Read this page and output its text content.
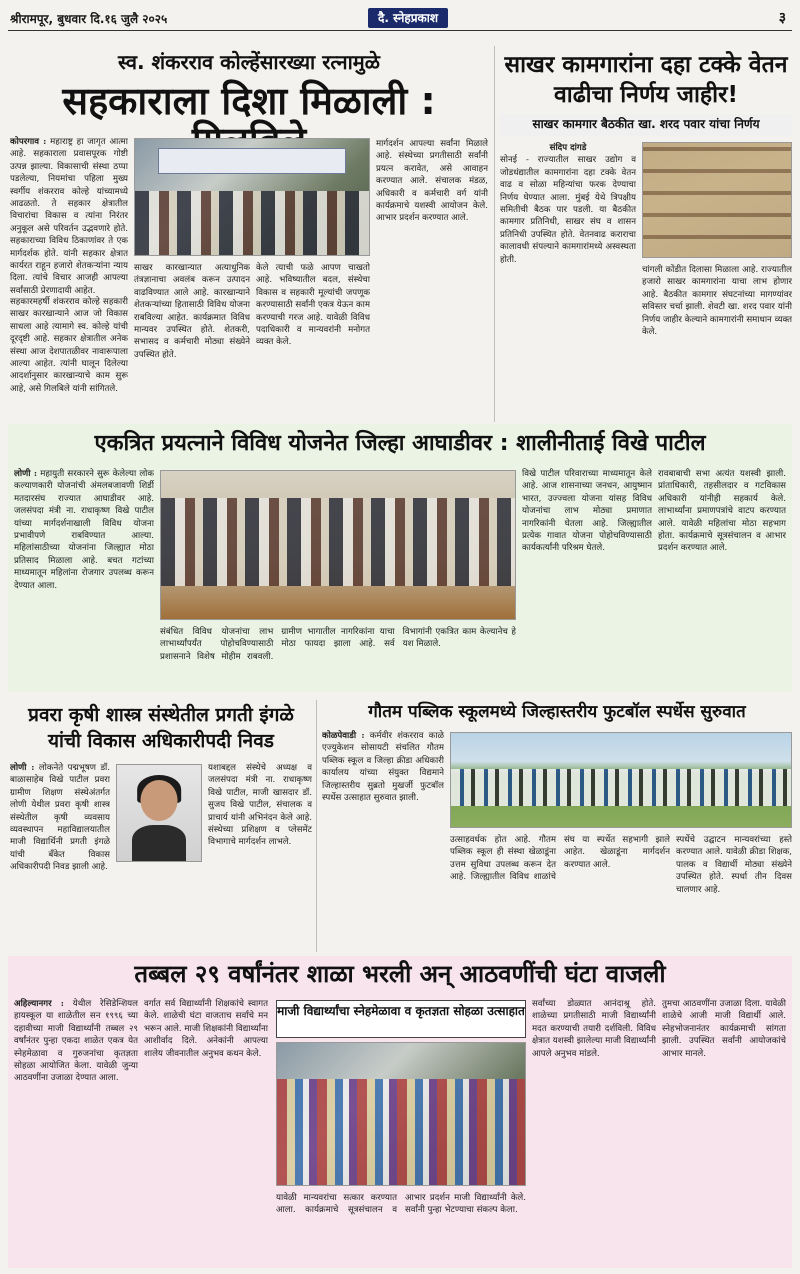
श्रीरामपूर, बुधवार दि.१६ जुलै २०२५	दै. स्नेहप्रकाश	३
स्व. शंकरराव कोल्हेंसारख्या रत्नामुळे
सहकाराला दिशा मिळाली :
कोपरगाव : महाराष्ट्र हा जागृत आत्मा आहे. सहकाराला प्रवासपूरक गोष्टी उत्पन्न झाल्या. विकासाची संस्था ठप्पा पडलेल्या, नियमांचा पहिला मुख्य स्वर्गीय शंकरराव कोल्हे यांच्यामध्ये आढळतो. ते सहकार क्षेत्रातील विचारांचा विकास व त्यांना निरंतर अनुकूल असे परिवर्तन उद्भवणारे होते. सहकाराच्या विविध ठिकाणांवर ते एक मार्गदर्शक होते. यांनी सहकार क्षेत्रात कार्यरत राहून हजारो शेतकऱ्यांना न्याय दिला. त्यांचे विचार आजही आपल्या सर्वांसाठी प्रेरणादायी आहेत.
सहकारमहर्षी शंकरराव कोल्हे सहकारी साखर कारखान्याने आज जो विकास साधला आहे त्यामागे स्व. कोल्हे यांची दूरदृष्टी आहे. सहकार क्षेत्रातील अनेक संस्था आज देशपातळीवर नावारूपाला आल्या आहेत. त्यांनी घालून दिलेल्या आदर्शानुसार कारखान्याचे काम सुरू आहे, असे गिलबिले यांनी सांगितले.
साखर कारखान्यात अत्याधुनिक तंत्रज्ञानाचा अवलंब करून उत्पादन वाढविण्यात आले आहे. कारखान्याने शेतकऱ्यांच्या हितासाठी विविध योजना राबविल्या आहेत. कार्यक्रमात विविध मान्यवर उपस्थित होते. शेतकरी, सभासद व कर्मचारी मोठ्या संख्येने उपस्थित होते.
केले त्याची फळे आपण चाखतो आहे. भविष्यातील बदल, संस्थेचा विकास व सहकारी मूल्यांची जपणूक करण्यासाठी सर्वांनी एकत्र येऊन काम करण्याची गरज आहे. यावेळी विविध पदाधिकारी व मान्यवरांनी मनोगत व्यक्त केले.
मार्गदर्शन आपल्या सर्वांना मिळाले आहे. संस्थेच्या प्रगतीसाठी सर्वांनी प्रयत्न करावेत, असे आवाहन करण्यात आले. संचालक मंडळ, अधिकारी व कर्मचारी वर्ग यांनी कार्यक्रमाचे यशस्वी आयोजन केले. आभार प्रदर्शन करण्यात आले.
साखर कामगारांना दहा टक्के वेतन वाढीचा निर्णय जाहीर!
साखर कामगार बैठकीत खा. शरद पवार यांचा निर्णय
संदिप दांगडे
सोनई - राज्यातील साखर उद्योग व जोडधंद्यातील कामगारांना दहा टक्के वेतन वाढ व सोळा महिन्यांचा फरक देण्याचा निर्णय घेण्यात आला. मुंबई येथे त्रिपक्षीय समितीची बैठक पार पडली. या बैठकीत कामगार प्रतिनिधी, साखर संघ व शासन प्रतिनिधी उपस्थित होते. वेतनवाढ कराराचा कालावधी संपल्याने कामगारांमध्ये अस्वस्थता होती.
चांगली कोंडीत दिलासा मिळाला आहे. राज्यातील हजारो साखर कामगारांना याचा लाभ होणार आहे. बैठकीत कामगार संघटनांच्या मागण्यांवर सविस्तर चर्चा झाली. शेवटी खा. शरद पवार यांनी निर्णय जाहीर केल्याने कामगारांनी समाधान व्यक्त केले.
एकत्रित प्रयत्नाने विविध योजनेत जिल्हा आघाडीवर : शालीनीताई विखे पाटील
लोणी : महायुती सरकारने सुरू केलेल्या लोक कल्याणकारी योजनांची अंमलबजावणी शिर्डी मतदारसंघ राज्यात आघाडीवर आहे. जलसंपदा मंत्री ना. राधाकृष्ण विखे पाटील यांच्या मार्गदर्शनाखाली विविध योजना प्रभावीपणे राबविण्यात आल्या. महिलांसाठीच्या योजनांना जिल्ह्यात मोठा प्रतिसाद मिळाला आहे. बचत गटांच्या माध्यमातून महिलांना रोजगार उपलब्ध करून देण्यात आला.
संबंधित विविध योजनांचा लाभ लाभार्थ्यांपर्यंत पोहोचविण्यासाठी प्रशासनाने विशेष मोहीम राबवली. ग्रामीण भागातील नागरिकांना याचा मोठा फायदा झाला आहे. सर्व विभागांनी एकत्रित काम केल्यानेच हे यश मिळाले.
विखे पाटील परिवाराच्या माध्यमातून केले आहे. आज शासनाच्या जनधन, आयुष्मान भारत, उज्ज्वला योजना यांसह विविध योजनांचा लाभ मोठ्या प्रमाणात नागरिकांनी घेतला आहे. जिल्ह्यातील प्रत्येक गावात योजना पोहोचविण्यासाठी कार्यकर्त्यांनी परिश्रम घेतले.
रावबाबाची सभा अत्यंत यशस्वी झाली. प्रांताधिकारी, तहसीलदार व गटविकास अधिकारी यांनीही सहकार्य केले. लाभार्थ्यांना प्रमाणपत्रांचे वाटप करण्यात आले. यावेळी महिलांचा मोठा सहभाग होता. कार्यक्रमाचे सूत्रसंचालन व आभार प्रदर्शन करण्यात आले.
प्रवरा कृषी शास्त्र संस्थेतील प्रगती इंगळे यांची विकास अधिकारीपदी निवड
लोणी : लोकनेते पद्मभूषण डॉ. बाळासाहेब विखे पाटील प्रवरा ग्रामीण शिक्षण संस्थेअंतर्गत लोणी येथील प्रवरा कृषी शास्त्र संस्थेतील कृषी व्यवसाय व्यवस्थापन महाविद्यालयातील माजी विद्यार्थिनी प्रगती इंगळे यांची बँकेत विकास अधिकारीपदी निवड झाली आहे.
यशाबद्दल संस्थेचे अध्यक्ष व जलसंपदा मंत्री ना. राधाकृष्ण विखे पाटील, माजी खासदार डॉ. सुजय विखे पाटील, संचालक व प्राचार्य यांनी अभिनंदन केले आहे. संस्थेच्या प्रशिक्षण व प्लेसमेंट विभागाचे मार्गदर्शन लाभले.
गौतम पब्लिक स्कूलमध्ये जिल्हास्तरीय फुटबॉल स्पर्धेस सुरुवात
कोळपेवाडी : कर्मवीर शंकरराव काळे एज्युकेशन सोसायटी संचलित गौतम पब्लिक स्कूल व जिल्हा क्रीडा अधिकारी कार्यालय यांच्या संयुक्त विद्यमाने जिल्हास्तरीय सुब्रतो मुखर्जी फुटबॉल स्पर्धेस उत्साहात सुरुवात झाली.
उत्साहवर्धक होत आहे. गौतम पब्लिक स्कूल ही संस्था खेळाडूंना उत्तम सुविधा उपलब्ध करून देत आहे. जिल्ह्यातील विविध शाळांचे संघ या स्पर्धेत सहभागी झाले आहेत. खेळाडूंना मार्गदर्शन करण्यात आले.
स्पर्धेचे उद्घाटन मान्यवरांच्या हस्ते करण्यात आले. यावेळी क्रीडा शिक्षक, पालक व विद्यार्थी मोठ्या संख्येने उपस्थित होते. स्पर्धा तीन दिवस चालणार आहे.
तब्बल २९ वर्षांनंतर शाळा भरली अन् आठवणींची घंटा वाजली
अहिल्यानगर : येथील रेसिडेन्शियल हायस्कूल या शाळेतील सन १९९६ च्या दहावीच्या माजी विद्यार्थ्यांनी तब्बल २९ वर्षांनंतर पुन्हा एकदा शाळेत एकत्र येत स्नेहमेळावा व गुरुजनांचा कृतज्ञता सोहळा आयोजित केला. यावेळी जुन्या आठवणींना उजाळा देण्यात आला.
वर्गात सर्व विद्यार्थ्यांनी शिक्षकांचे स्वागत केले. शाळेची घंटा वाजताच सर्वांचे मन भरून आले. माजी शिक्षकांनी विद्यार्थ्यांना आशीर्वाद दिले. अनेकांनी आपल्या शालेय जीवनातील अनुभव कथन केले.
माजी विद्यार्थ्यांचा स्नेहमेळावा व कृतज्ञता सोहळा उत्साहात
यावेळी मान्यवरांचा सत्कार करण्यात आला. कार्यक्रमाचे सूत्रसंचालन व आभार प्रदर्शन माजी विद्यार्थ्यांनी केले. सर्वांनी पुन्हा भेटण्याचा संकल्प केला.
सर्वांच्या डोळ्यात आनंदाश्रू होते. शाळेच्या प्रगतीसाठी माजी विद्यार्थ्यांनी मदत करण्याची तयारी दर्शविली. विविध क्षेत्रात यशस्वी झालेल्या माजी विद्यार्थ्यांनी आपले अनुभव मांडले.
तुमचा आठवणींना उजाळा दिला. यावेळी शाळेचे आजी माजी विद्यार्थी आले. स्नेहभोजनानंतर कार्यक्रमाची सांगता झाली. उपस्थित सर्वांनी आयोजकांचे आभार मानले.
